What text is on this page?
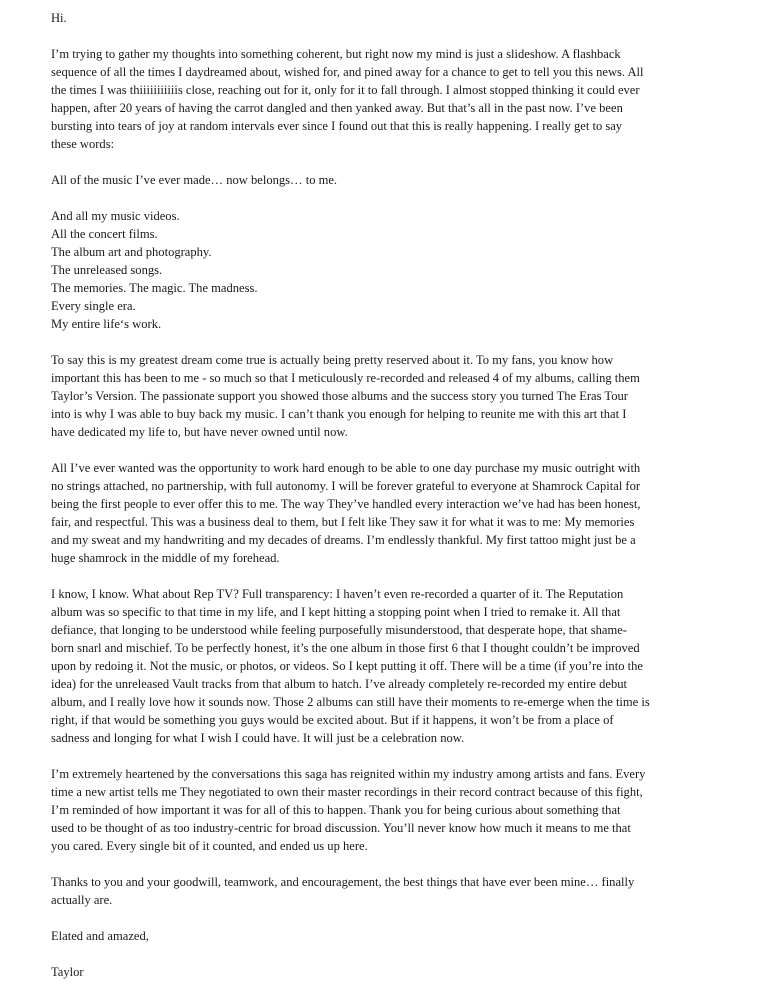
Hi.

I’m trying to gather my thoughts into something coherent, but right now my mind is just a slideshow. A flashback
sequence of all the times I daydreamed about, wished for, and pined away for a chance to get to tell you this news. All
the times I was thiiiiiiiiiiis close, reaching out for it, only for it to fall through. I almost stopped thinking it could ever
happen, after 20 years of having the carrot dangled and then yanked away. But that’s all in the past now. I’ve been
bursting into tears of joy at random intervals ever since I found out that this is really happening. I really get to say
these words:

All of the music I’ve ever made… now belongs… to me.

And all my music videos.
All the concert films.
The album art and photography.
The unreleased songs.
The memories. The magic. The madness.
Every single era.
My entire life‘s work.

To say this is my greatest dream come true is actually being pretty reserved about it. To my fans, you know how
important this has been to me - so much so that I meticulously re-recorded and released 4 of my albums, calling them
Taylor’s Version. The passionate support you showed those albums and the success story you turned The Eras Tour
into is why I was able to buy back my music. I can’t thank you enough for helping to reunite me with this art that I
have dedicated my life to, but have never owned until now.

All I’ve ever wanted was the opportunity to work hard enough to be able to one day purchase my music outright with
no strings attached, no partnership, with full autonomy. I will be forever grateful to everyone at Shamrock Capital for
being the first people to ever offer this to me. The way They’ve handled every interaction we’ve had has been honest,
fair, and respectful. This was a business deal to them, but I felt like They saw it for what it was to me: My memories
and my sweat and my handwriting and my decades of dreams. I’m endlessly thankful. My first tattoo might just be a
huge shamrock in the middle of my forehead.

I know, I know. What about Rep TV? Full transparency: I haven’t even re-recorded a quarter of it. The Reputation
album was so specific to that time in my life, and I kept hitting a stopping point when I tried to remake it. All that
defiance, that longing to be understood while feeling purposefully misunderstood, that desperate hope, that shame-
born snarl and mischief. To be perfectly honest, it’s the one album in those first 6 that I thought couldn’t be improved
upon by redoing it. Not the music, or photos, or videos. So I kept putting it off. There will be a time (if you’re into the
idea) for the unreleased Vault tracks from that album to hatch. I’ve already completely re-recorded my entire debut
album, and I really love how it sounds now. Those 2 albums can still have their moments to re-emerge when the time is
right, if that would be something you guys would be excited about. But if it happens, it won’t be from a place of
sadness and longing for what I wish I could have. It will just be a celebration now.

I’m extremely heartened by the conversations this saga has reignited within my industry among artists and fans. Every
time a new artist tells me They negotiated to own their master recordings in their record contract because of this fight,
I’m reminded of how important it was for all of this to happen. Thank you for being curious about something that
used to be thought of as too industry-centric for broad discussion. You’ll never know how much it means to me that
you cared. Every single bit of it counted, and ended us up here.

Thanks to you and your goodwill, teamwork, and encouragement, the best things that have ever been mine… finally
actually are.

Elated and amazed,

Taylor
